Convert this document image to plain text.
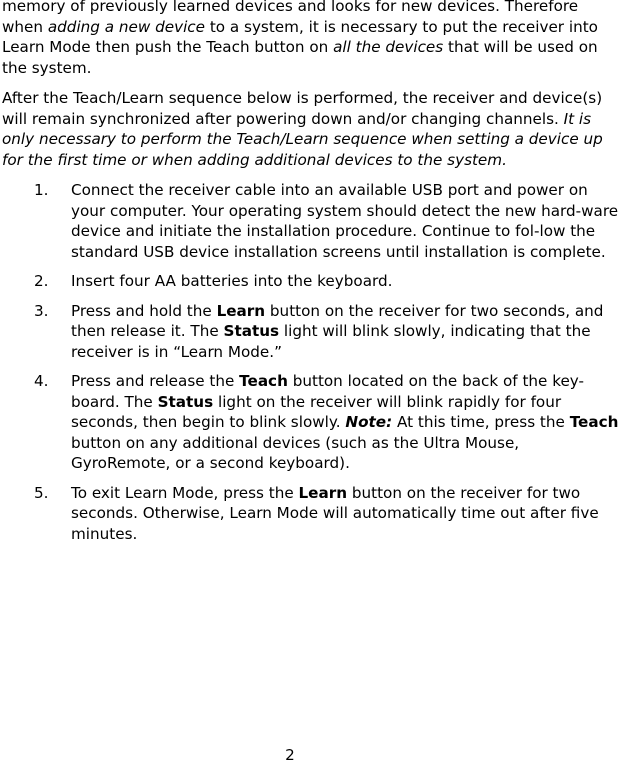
memory of previously learned devices and looks for new devices. Therefore when adding a new device to a system, it is necessary to put the receiver into Learn Mode then push the Teach button on all the devices that will be used on the system.

After the Teach/Learn sequence below is performed, the receiver and device(s) will remain synchronized after powering down and/or changing channels. It is only necessary to perform the Teach/Learn sequence when setting a device up for the first time or when adding additional devices to the system.

1. Connect the receiver cable into an available USB port and power on your computer. Your operating system should detect the new hard-ware device and initiate the installation procedure. Continue to fol-low the standard USB device installation screens until installation is complete.
2. Insert four AA batteries into the keyboard.
3. Press and hold the Learn button on the receiver for two seconds, and then release it. The Status light will blink slowly, indicating that the receiver is in “Learn Mode.”
4. Press and release the Teach button located on the back of the key-board. The Status light on the receiver will blink rapidly for four seconds, then begin to blink slowly. Note: At this time, press the Teach button on any additional devices (such as the Ultra Mouse, GyroRemote, or a second keyboard).
5. To exit Learn Mode, press the Learn button on the receiver for two seconds. Otherwise, Learn Mode will automatically time out after five minutes.
2
